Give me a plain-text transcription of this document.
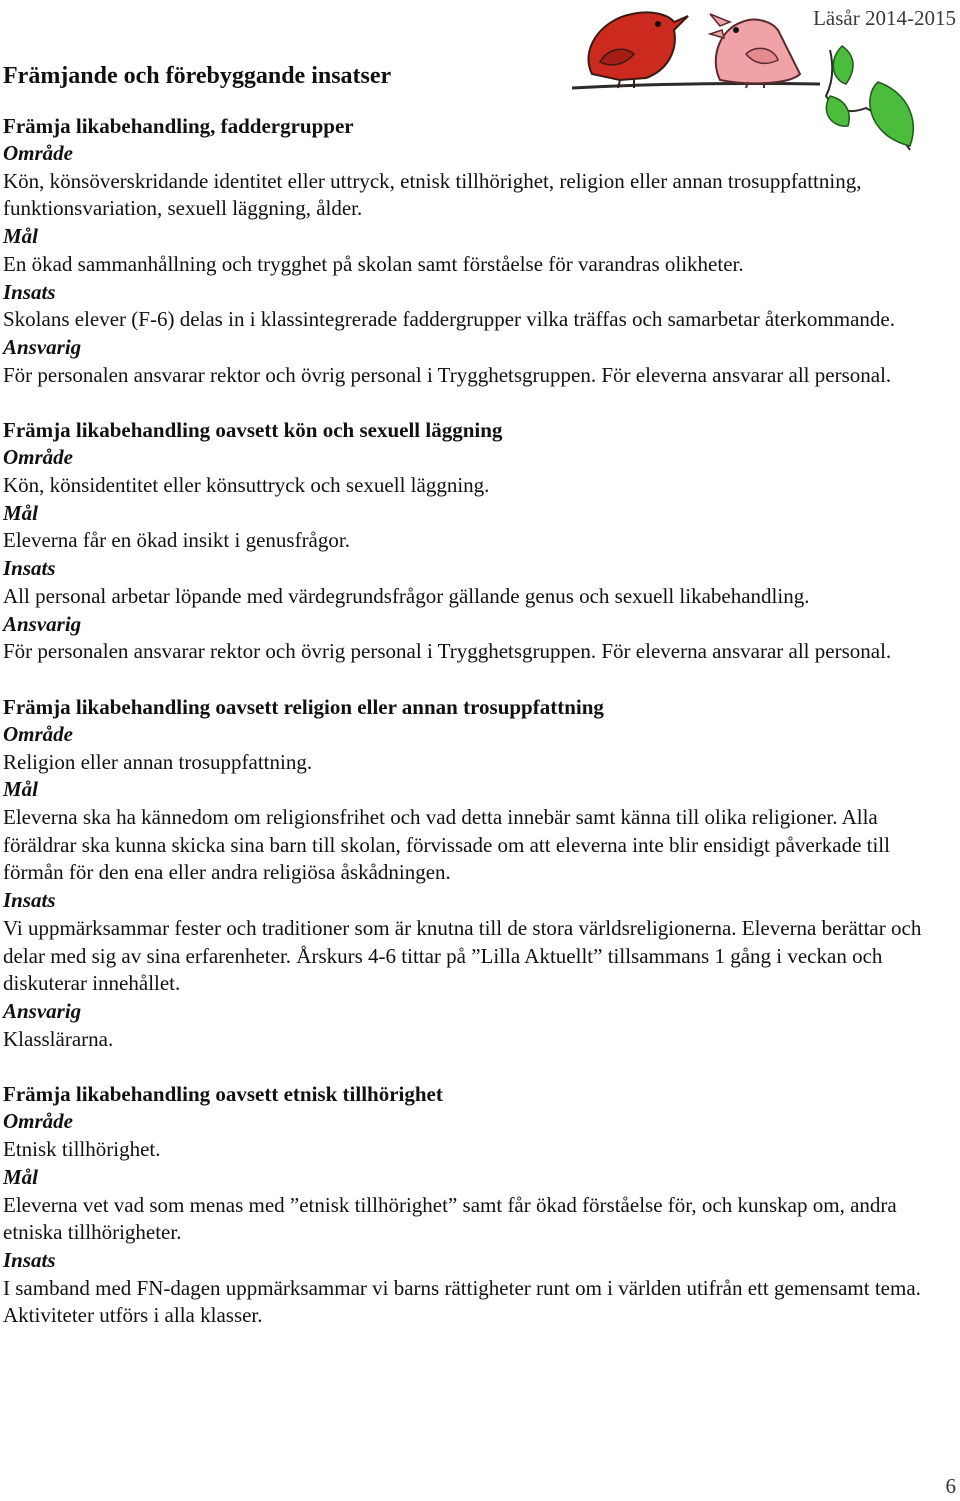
Läsår 2014-2015
Främjande och förebyggande insatser
Främja likabehandling, faddergrupper
Område
Kön, könsöverskridande identitet eller uttryck, etnisk tillhörighet, religion eller annan trosuppfattning, funktionsvariation, sexuell läggning, ålder.
Mål
En ökad sammanhållning och trygghet på skolan samt förståelse för varandras olikheter.
Insats
Skolans elever (F-6) delas in i klassintegrerade faddergrupper vilka träffas och samarbetar återkommande.
Ansvarig
För personalen ansvarar rektor och övrig personal i Trygghetsgruppen. För eleverna ansvarar all personal.
Främja likabehandling oavsett kön och sexuell läggning
Område
Kön, könsidentitet eller könsuttryck och sexuell läggning.
Mål
Eleverna får en ökad insikt i genusfrågor.
Insats
All personal arbetar löpande med värdegrundsfrågor gällande genus och sexuell likabehandling.
Ansvarig
För personalen ansvarar rektor och övrig personal i Trygghetsgruppen. För eleverna ansvarar all personal.
Främja likabehandling oavsett religion eller annan trosuppfattning
Område
Religion eller annan trosuppfattning.
Mål
Eleverna ska ha kännedom om religionsfrihet och vad detta innebär samt känna till olika religioner. Alla föräldrar ska kunna skicka sina barn till skolan, förvissade om att eleverna inte blir ensidigt påverkade till förmån för den ena eller andra religiösa åskådningen.
Insats
Vi uppmärksammar fester och traditioner som är knutna till de stora världsreligionerna. Eleverna berättar och delar med sig av sina erfarenheter. Årskurs 4-6 tittar på ”Lilla Aktuellt” tillsammans 1 gång i veckan och diskuterar innehållet.
Ansvarig
Klasslärarna.
Främja likabehandling oavsett etnisk tillhörighet
Område
Etnisk tillhörighet.
Mål
Eleverna vet vad som menas med ”etnisk tillhörighet” samt får ökad förståelse för, och kunskap om, andra etniska tillhörigheter.
Insats
I samband med FN-dagen uppmärksammar vi barns rättigheter runt om i världen utifrån ett gemensamt tema. Aktiviteter utförs i alla klasser.
6
